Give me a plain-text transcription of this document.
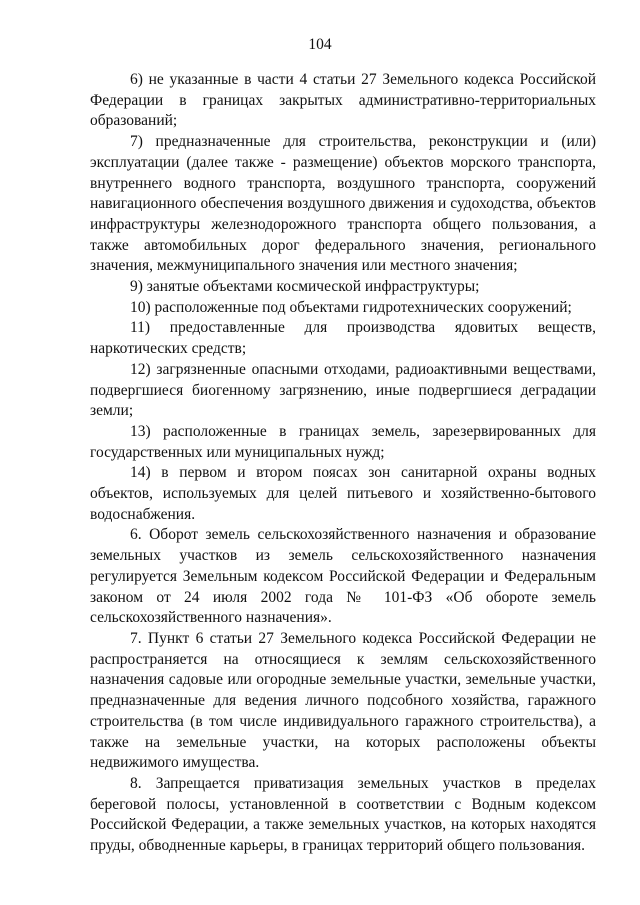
104

6) не указанные в части 4 статьи 27 Земельного кодекса Российской Федерации в границах закрытых административно-территориальных образований;

7) предназначенные для строительства, реконструкции и (или) эксплуатации (далее также - размещение) объектов морского транспорта, внутреннего водного транспорта, воздушного транспорта, сооружений навигационного обеспечения воздушного движения и судоходства, объектов инфраструктуры железнодорожного транспорта общего пользования, а также автомобильных дорог федерального значения, регионального значения, межмуниципального значения или местного значения;

9) занятые объектами космической инфраструктуры;

10) расположенные под объектами гидротехнических сооружений;

11) предоставленные для производства ядовитых веществ, наркотических средств;

12) загрязненные опасными отходами, радиоактивными веществами, подвергшиеся биогенному загрязнению, иные подвергшиеся деградации земли;

13) расположенные в границах земель, зарезервированных для государственных или муниципальных нужд;

14) в первом и втором поясах зон санитарной охраны водных объектов, используемых для целей питьевого и хозяйственно-бытового водоснабжения.

6. Оборот земель сельскохозяйственного назначения и образование земельных участков из земель сельскохозяйственного назначения регулируется Земельным кодексом Российской Федерации и Федеральным законом от 24 июля 2002 года № 101-ФЗ «Об обороте земель сельскохозяйственного назначения».

7. Пункт 6 статьи 27 Земельного кодекса Российской Федерации не распространяется на относящиеся к землям сельскохозяйственного назначения садовые или огородные земельные участки, земельные участки, предназначенные для ведения личного подсобного хозяйства, гаражного строительства (в том числе индивидуального гаражного строительства), а также на земельные участки, на которых расположены объекты недвижимого имущества.

8. Запрещается приватизация земельных участков в пределах береговой полосы, установленной в соответствии с Водным кодексом Российской Федерации, а также земельных участков, на которых находятся пруды, обводненные карьеры, в границах территорий общего пользования.
